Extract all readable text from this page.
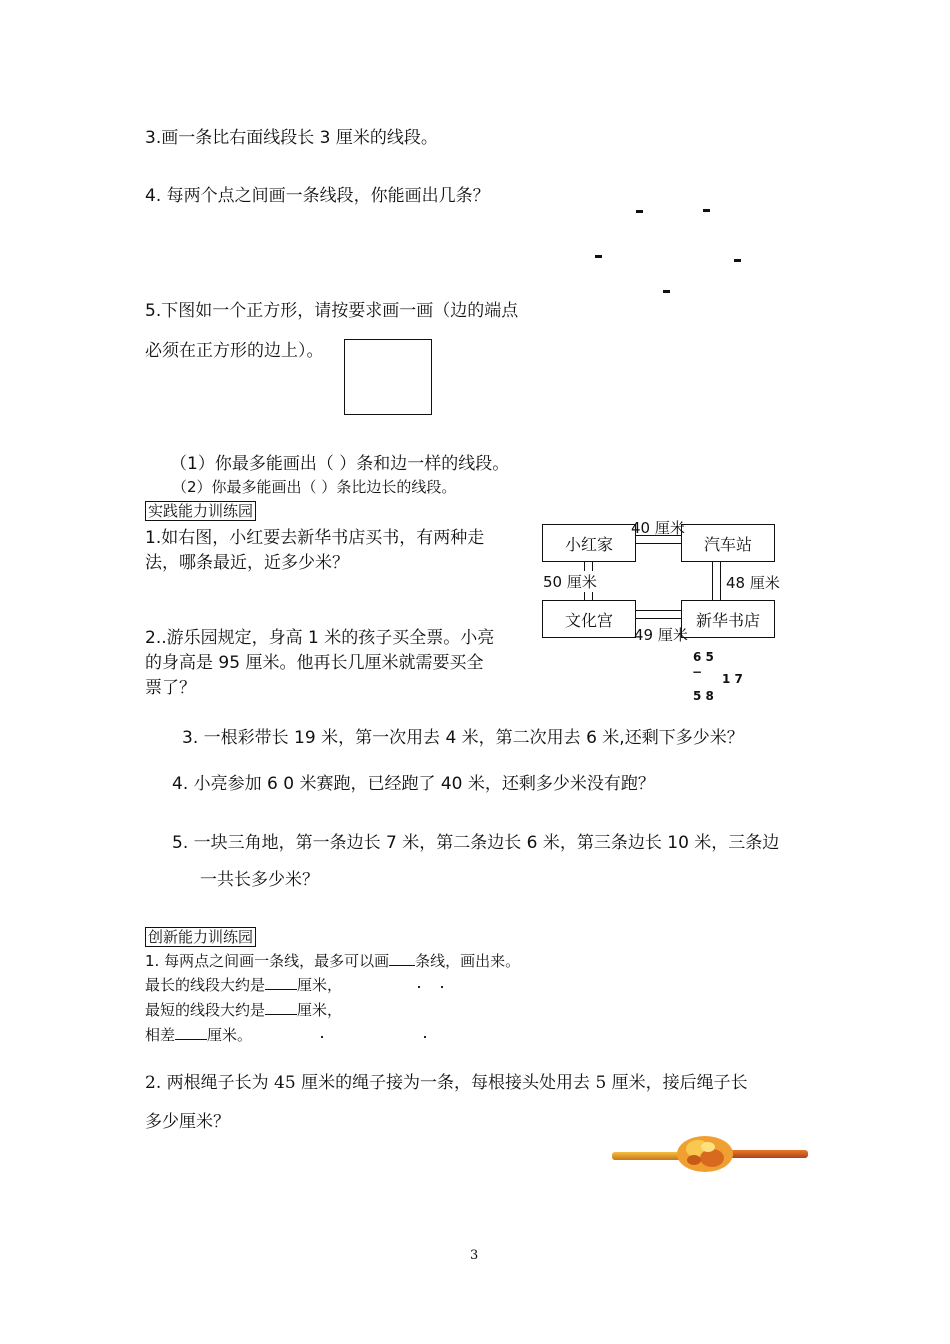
3.画一条比右面线段长 3 厘米的线段。
4. 每两个点之间画一条线段，你能画出几条？
5.下图如一个正方形，请按要求画一画（边的端点
必须在正方形的边上）。
（1）你最多能画出（ ）条和边一样的线段。
（2）你最多能画出（ ）条比边长的线段。
实践能力训练园
1.如右图，小红要去新华书店买书，有两种走
法，哪条最近，近多少米？
小红家	汽车站
文化宫	新华书店
40 厘米
50 厘米	48 厘米
49 厘米
2..游乐园规定，身高 1 米的孩子买全票。小亮
的身高是 95 厘米。他再长几厘米就需要买全
票了？
6 5
− 1 7
5 8
3. 一根彩带长 19 米，第一次用去 4 米，第二次用去 6 米,还剩下多少米？
4. 小亮参加 6 0 米赛跑，已经跑了 40 米，还剩多少米没有跑？
5. 一块三角地，第一条边长 7 米，第二条边长 6 米，第三条边长 10 米，三条边
一共长多少米？
创新能力训练园
1. 每两点之间画一条线，最多可以画 条线，画出来。
最长的线段大约是 厘米，
最短的线段大约是 厘米，
相差 厘米。
2. 两根绳子长为 45 厘米的绳子接为一条，每根接头处用去 5 厘米，接后绳子长
多少厘米？
3
